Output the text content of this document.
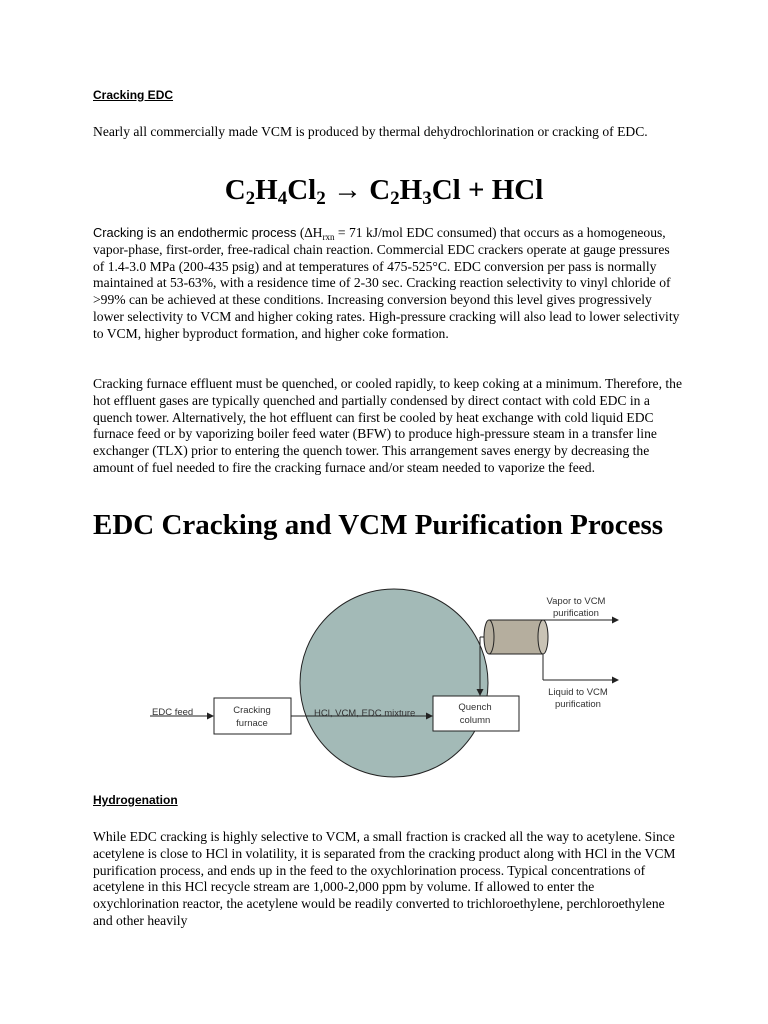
Cracking EDC

Nearly all commercially made VCM is produced by thermal dehydrochlorination or cracking of EDC.

$C_2H_4Cl_2 \to C_2H_3Cl$ + HCl

Cracking is an endothermic process ($\Delta H_{rxn} = 71$ kJ/mol EDC consumed) that occurs as a homogeneous, vapor-phase, first-order, free-radical chain reaction. Commercial EDC crackers operate at gauge pressures of 1.4-3.0 MPa (200-435 psig) and at temperatures of 475-525°C. EDC conversion per pass is normally maintained at 53-63%, with a residence time of 2-30 sec. Cracking reaction selectivity to vinyl chloride of >99% can be achieved at these conditions. Increasing conversion beyond this level gives progressively lower selectivity to VCM and higher coking rates. High-pressure cracking will also lead to lower selectivity to VCM, higher byproduct formation, and higher coke formation.

Cracking furnace effluent must be quenched, or cooled rapidly, to keep coking at a minimum. Therefore, the hot effluent gases are typically quenched and partially condensed by direct contact with cold EDC in a quench tower. Alternatively, the hot effluent can first be cooled by heat exchange with cold liquid EDC furnace feed or by vaporizing boiler feed water (BFW) to produce high-pressure steam in a transfer line exchanger (TLX) prior to entering the quench tower. This arrangement saves energy by decreasing the amount of fuel needed to fire the cracking furnace and/or steam needed to vaporize the feed.

EDC Cracking and VCM Purification Process
EDC feed	Cracking
furnace
HCl, VCM, EDC mixture
Quench
column
Vapor to VCM
purification
Liquid to VCM
purification
Hydrogenation

While EDC cracking is highly selective to VCM, a small fraction is cracked all the way to acetylene. Since acetylene is close to HCl in volatility, it is separated from the cracking product along with HCl in the VCM purification process, and ends up in the feed to the oxychlorination process. Typical concentrations of acetylene in this HCl recycle stream are 1,000-2,000 ppm by volume. If allowed to enter the oxychlorination reactor, the acetylene would be readily converted to trichloroethylene, perchloroethylene and other heavily
